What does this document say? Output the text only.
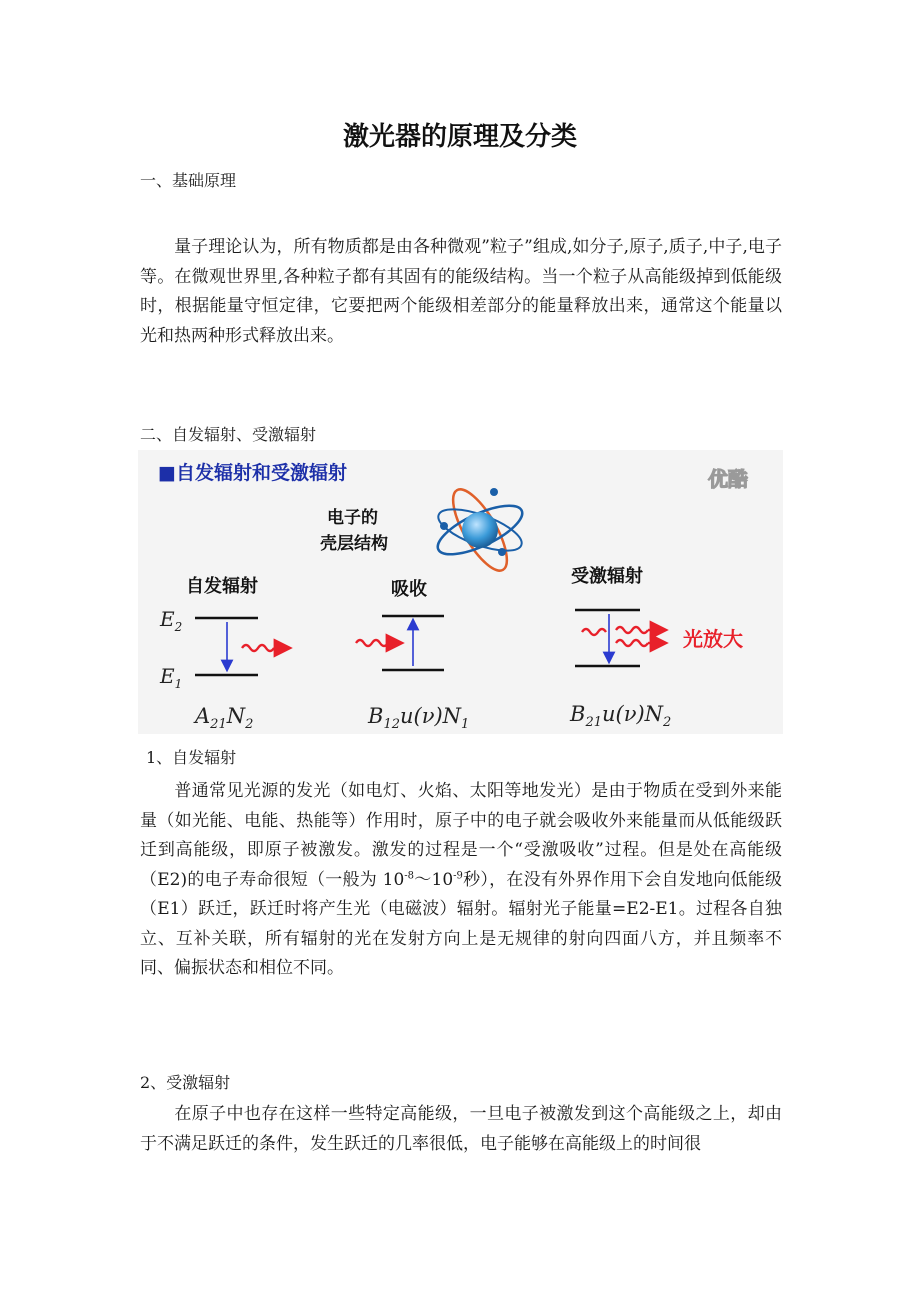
激光器的原理及分类
一、基础原理

量子理论认为，所有物质都是由各种微观”粒子”组成,如分子,原子,质子,中子,电子等。在微观世界里,各种粒子都有其固有的能级结构。当一个粒子从高能级掉到低能级时，根据能量守恒定律，它要把两个能级相差部分的能量释放出来，通常这个能量以光和热两种形式释放出来。

二、自发辐射、受激辐射
■自发辐射和受激辐射	优酷
电子的
壳层结构
自发辐射	吸收
受激辐射
$E_2$
$E_1$
光放大
$A_{21}N_2$	$B_{12}u(\nu)N_1$	$B_{21}u(\nu)N_2$
1、自发辐射

普通常见光源的发光（如电灯、火焰、太阳等地发光）是由于物质在受到外来能量（如光能、电能、热能等）作用时，原子中的电子就会吸收外来能量而从低能级跃迁到高能级，即原子被激发。激发的过程是一个“受激吸收”过程。但是处在高能级（E2)的电子寿命很短（一般为 $10^{-8}\sim 10^{-9}$秒），在没有外界作用下会自发地向低能级（E1）跃迁，跃迁时将产生光（电磁波）辐射。辐射光子能量=E2-E1。过程各自独立、互补关联，所有辐射的光在发射方向上是无规律的射向四面八方，并且频率不同、偏振状态和相位不同。

2、受激辐射

在原子中也存在这样一些特定高能级，一旦电子被激发到这个高能级之上，却由于不满足跃迁的条件，发生跃迁的几率很低，电子能够在高能级上的时间很
